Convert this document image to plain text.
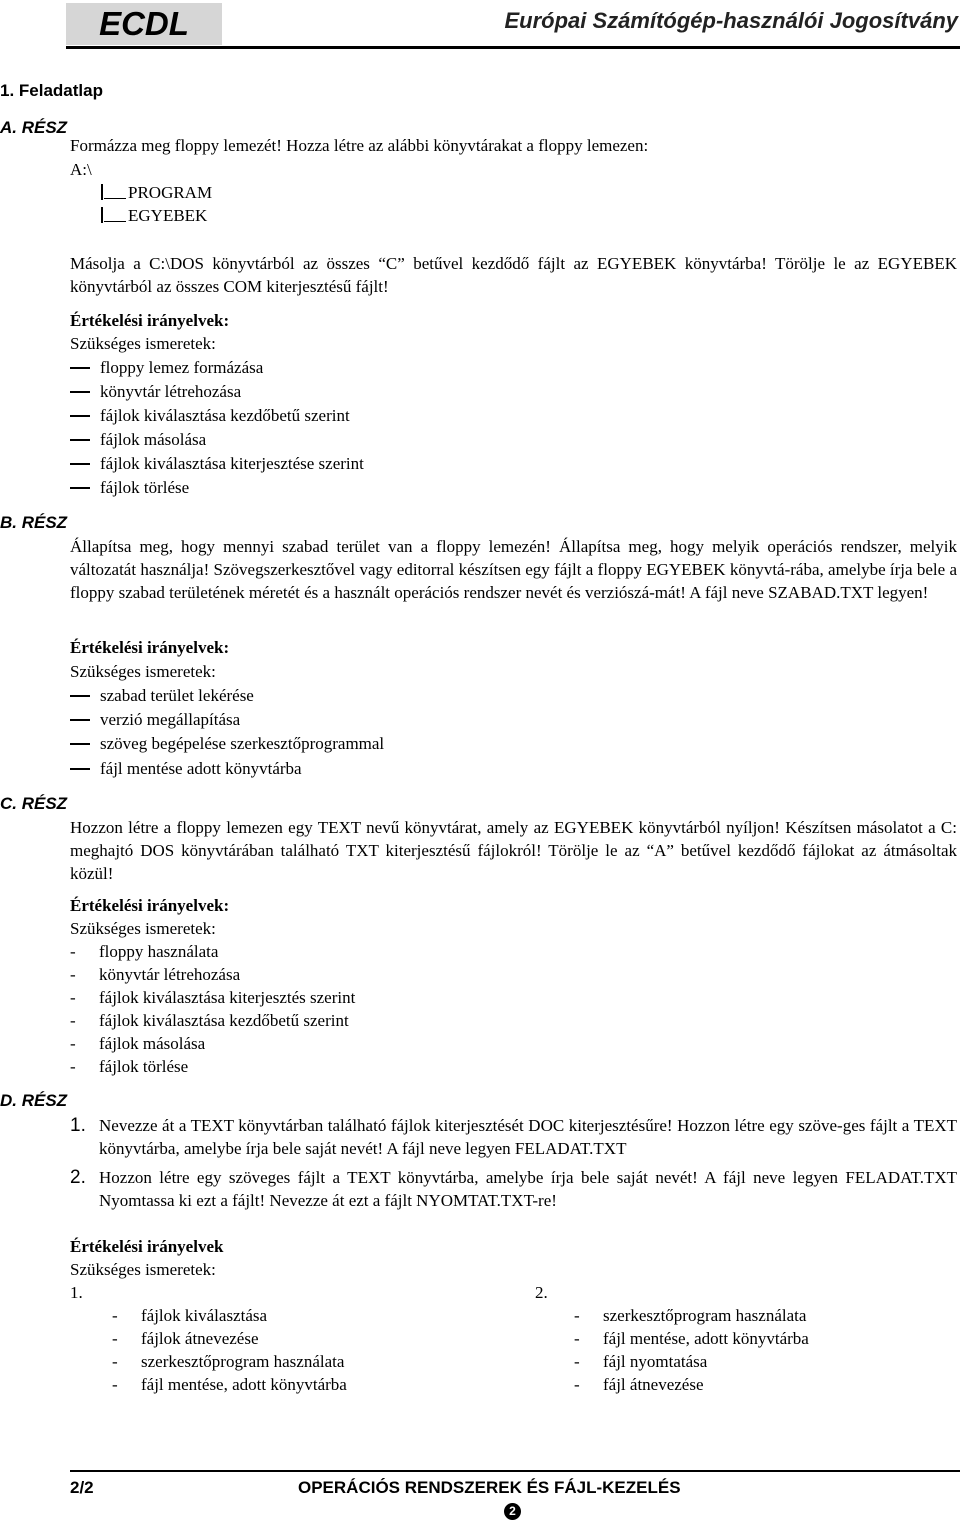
ECDL	Európai Számítógép-használói Jogosítvány
1. Feladatlap
A. RÉSZ
Formázza meg floppy lemezét! Hozza létre az alábbi könyvtárakat a floppy lemezen:
A:\
PROGRAM
EGYEBEK
Másolja a C:\DOS könyvtárból az összes “C” betűvel kezdődő fájlt az EGYEBEK könyvtárba! Törölje le az EGYEBEK könyvtárból az összes COM kiterjesztésű fájlt!
Értékelési irányelvek:
Szükséges ismeretek:
floppy lemez formázása
könyvtár létrehozása
fájlok kiválasztása kezdőbetű szerint
fájlok másolása
fájlok kiválasztása kiterjesztése szerint
fájlok törlése
B. RÉSZ
Állapítsa meg, hogy mennyi szabad terület van a floppy lemezén! Állapítsa meg, hogy melyik operációs rendszer, melyik változatát használja! Szövegszerkesztővel vagy editorral készítsen egy fájlt a floppy EGYEBEK könyvtá-rába, amelybe írja bele a floppy szabad területének méretét és a használt operációs rendszer nevét és verziószá-mát! A fájl neve SZABAD.TXT legyen!
Értékelési irányelvek:
Szükséges ismeretek:
szabad terület lekérése
verzió megállapítása
szöveg begépelése szerkesztőprogrammal
fájl mentése adott könyvtárba
C. RÉSZ
Hozzon létre a floppy lemezen egy TEXT nevű könyvtárat, amely az EGYEBEK könyvtárból nyíljon! Készítsen másolatot a C: meghajtó DOS könyvtárában található TXT kiterjesztésű fájlokról! Törölje le az “A” betűvel kezdődő fájlokat az átmásoltak közül!
Értékelési irányelvek:
Szükséges ismeretek:
- floppy használata
- könyvtár létrehozása
- fájlok kiválasztása kiterjesztés szerint
- fájlok kiválasztása kezdőbetű szerint
- fájlok másolása
- fájlok törlése
D. RÉSZ
1. Nevezze át a TEXT könyvtárban található fájlok kiterjesztését DOC kiterjesztésűre! Hozzon létre egy szöve-ges fájlt a TEXT könyvtárba, amelybe írja bele saját nevét! A fájl neve legyen FELADAT.TXT
2. Hozzon létre egy szöveges fájlt a TEXT könyvtárba, amelybe írja bele saját nevét! A fájl neve legyen FELADAT.TXT Nyomtassa ki ezt a fájlt! Nevezze át ezt a fájlt NYOMTAT.TXT-re!
Értékelési irányelvek
Szükséges ismeretek:
1.
- fájlok kiválasztása
- fájlok átnevezése
- szerkesztőprogram használata
- fájl mentése, adott könyvtárba
2.
- szerkesztőprogram használata
- fájl mentése, adott könyvtárba
- fájl nyomtatása
- fájl átnevezése
2/2	OPERÁCIÓS RENDSZEREK ÉS FÁJL-KEZELÉS
2
